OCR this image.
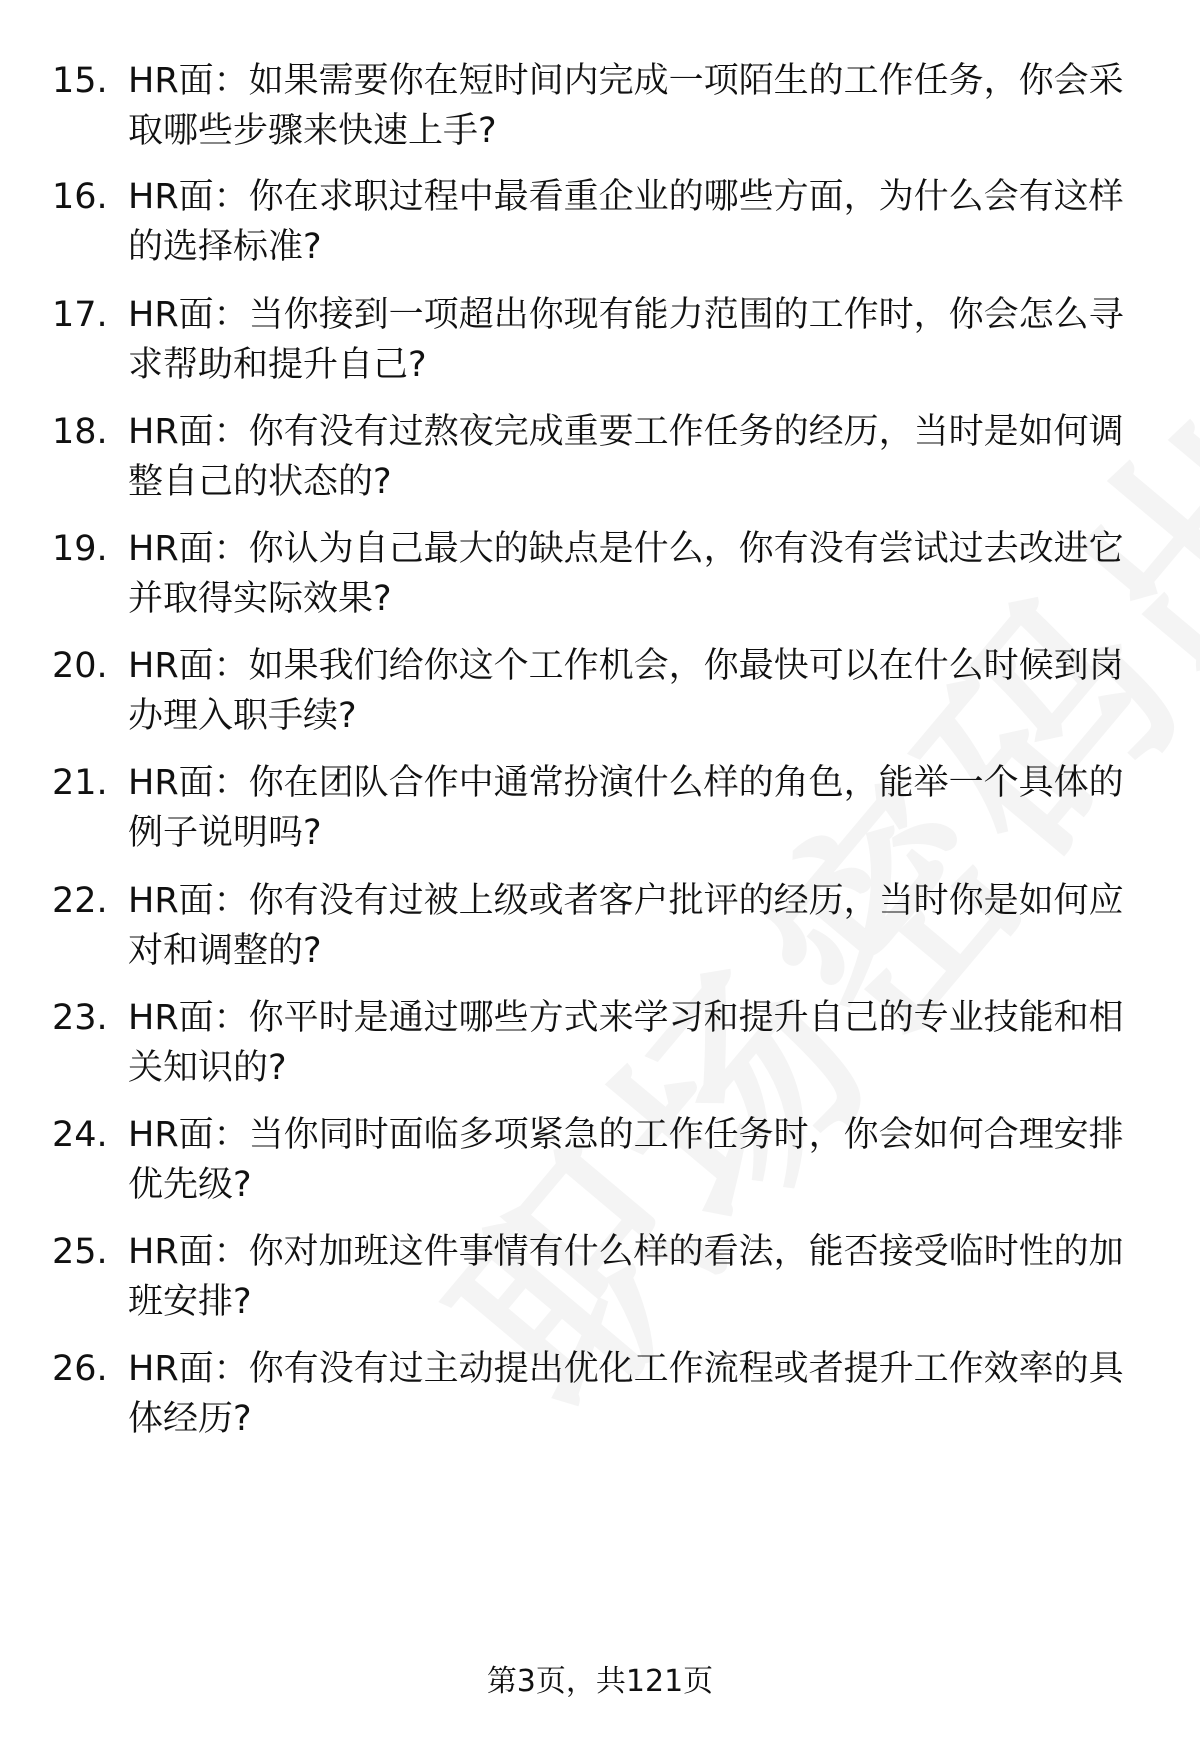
15. HR面：如果需要你在短时间内完成一项陌生的工作任务，你会采
取哪些步骤来快速上手?
16. HR面：你在求职过程中最看重企业的哪些方面，为什么会有这样
的选择标准?
17. HR面：当你接到一项超出你现有能力范围的工作时，你会怎么寻
求帮助和提升自己?
18. HR面：你有没有过熬夜完成重要工作任务的经历，当时是如何调
整自己的状态的?
19. HR面：你认为自己最大的缺点是什么，你有没有尝试过去改进它
并取得实际效果?
20. HR面：如果我们给你这个工作机会，你最快可以在什么时候到岗
办理入职手续?
21. HR面：你在团队合作中通常扮演什么样的角色，能举一个具体的
例子说明吗?
22. HR面：你有没有过被上级或者客户批评的经历，当时你是如何应
对和调整的?
23. HR面：你平时是通过哪些方式来学习和提升自己的专业技能和相
关知识的?
24. HR面：当你同时面临多项紧急的工作任务时，你会如何合理安排
优先级?
25. HR面：你对加班这件事情有什么样的看法，能否接受临时性的加
班安排?
26. HR面：你有没有过主动提出优化工作流程或者提升工作效率的具
体经历?
第3页，共121页
